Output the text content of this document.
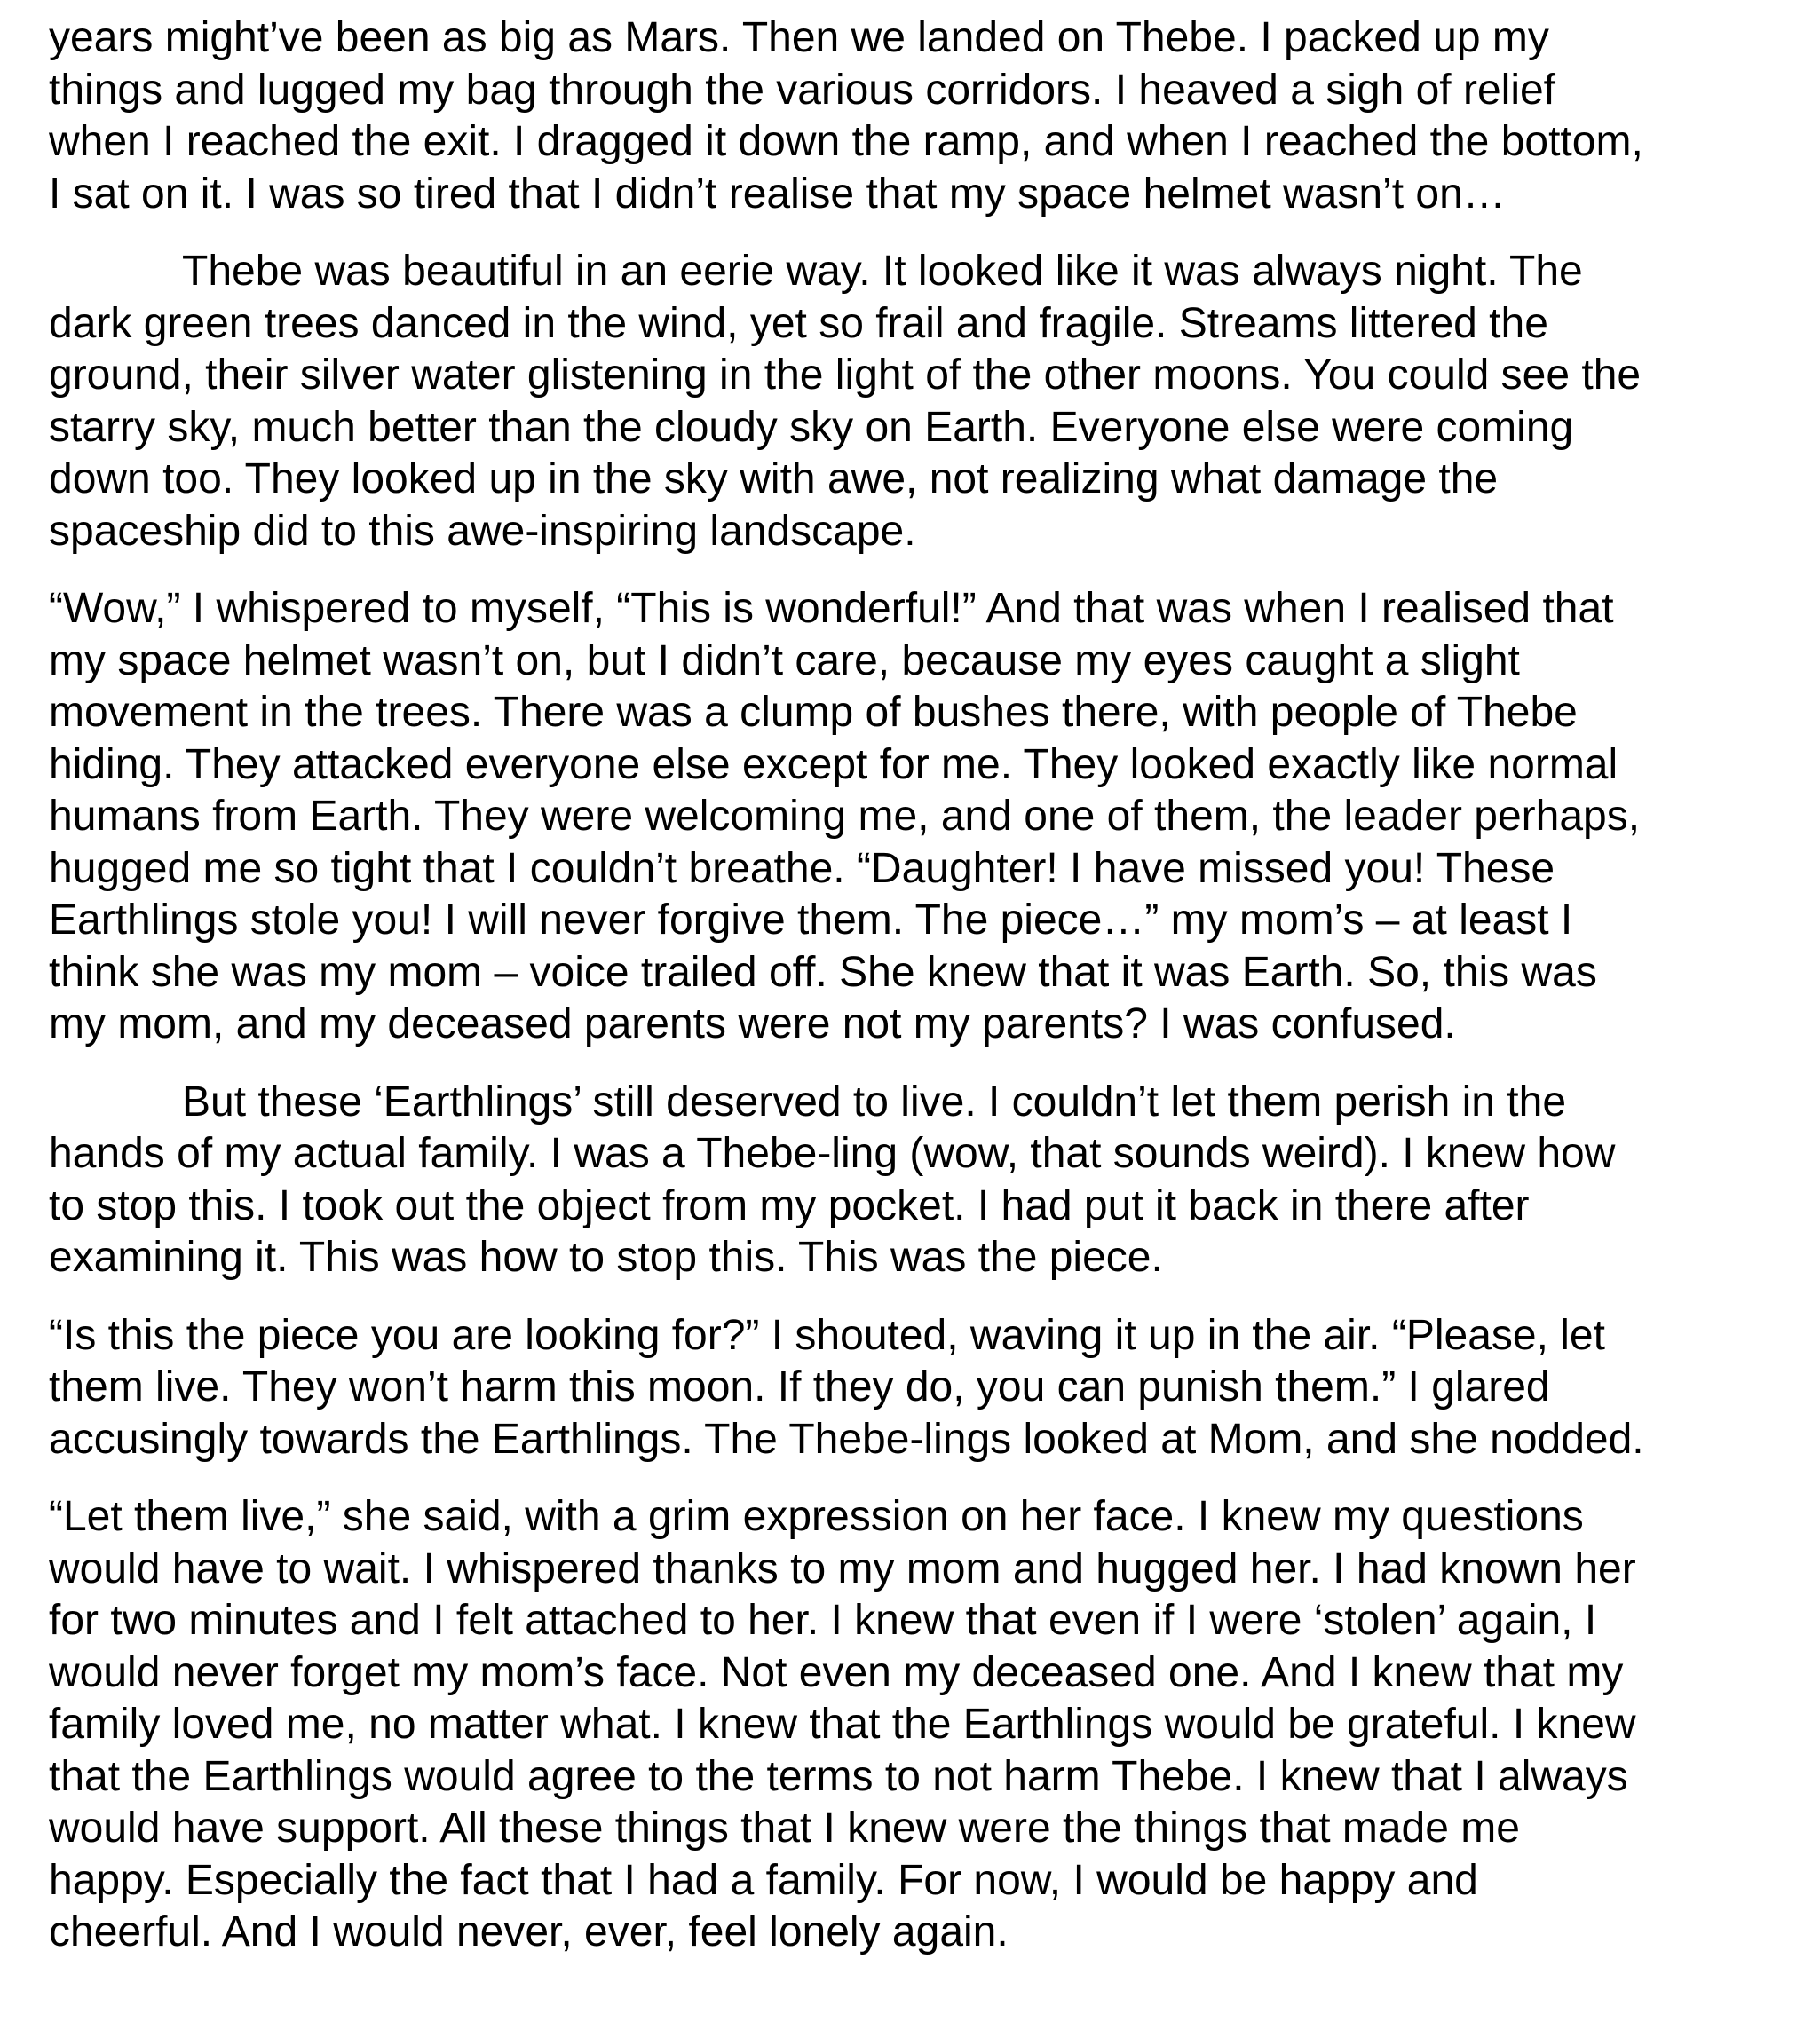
years might’ve been as big as Mars. Then we landed on Thebe. I packed up my
things and lugged my bag through the various corridors. I heaved a sigh of relief
when I reached the exit. I dragged it down the ramp, and when I reached the bottom,
I sat on it. I was so tired that I didn’t realise that my space helmet wasn’t on…

Thebe was beautiful in an eerie way. It looked like it was always night. The
dark green trees danced in the wind, yet so frail and fragile. Streams littered the
ground, their silver water glistening in the light of the other moons. You could see the
starry sky, much better than the cloudy sky on Earth. Everyone else were coming
down too. They looked up in the sky with awe, not realizing what damage the
spaceship did to this awe-inspiring landscape.

“Wow,” I whispered to myself, “This is wonderful!” And that was when I realised that
my space helmet wasn’t on, but I didn’t care, because my eyes caught a slight
movement in the trees. There was a clump of bushes there, with people of Thebe
hiding. They attacked everyone else except for me. They looked exactly like normal
humans from Earth. They were welcoming me, and one of them, the leader perhaps,
hugged me so tight that I couldn’t breathe. “Daughter! I have missed you! These
Earthlings stole you! I will never forgive them. The piece…” my mom’s – at least I
think she was my mom – voice trailed off. She knew that it was Earth. So, this was
my mom, and my deceased parents were not my parents? I was confused.

But these ‘Earthlings’ still deserved to live. I couldn’t let them perish in the
hands of my actual family. I was a Thebe-ling (wow, that sounds weird). I knew how
to stop this. I took out the object from my pocket. I had put it back in there after
examining it. This was how to stop this. This was the piece.

“Is this the piece you are looking for?” I shouted, waving it up in the air. “Please, let
them live. They won’t harm this moon. If they do, you can punish them.” I glared
accusingly towards the Earthlings. The Thebe-lings looked at Mom, and she nodded.

“Let them live,” she said, with a grim expression on her face. I knew my questions
would have to wait. I whispered thanks to my mom and hugged her. I had known her
for two minutes and I felt attached to her. I knew that even if I were ‘stolen’ again, I
would never forget my mom’s face. Not even my deceased one. And I knew that my
family loved me, no matter what. I knew that the Earthlings would be grateful. I knew
that the Earthlings would agree to the terms to not harm Thebe. I knew that I always
would have support. All these things that I knew were the things that made me
happy. Especially the fact that I had a family. For now, I would be happy and
cheerful. And I would never, ever, feel lonely again.
